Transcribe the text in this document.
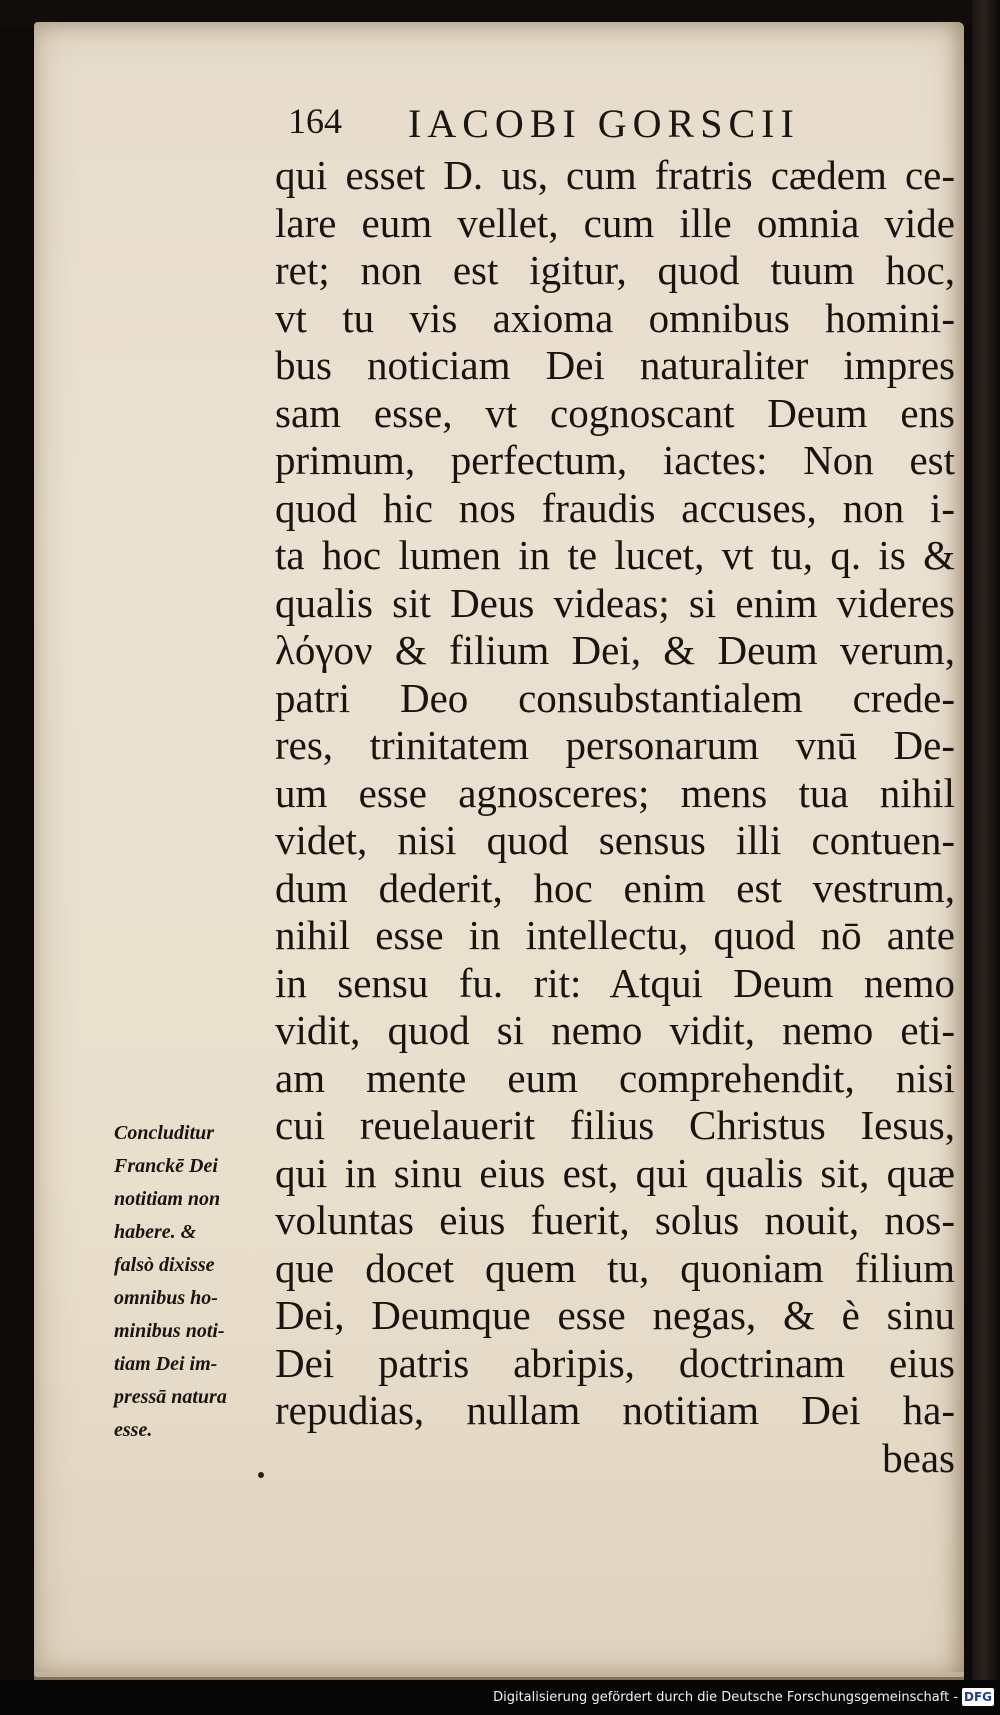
164 IACOBI GORSCII
qui esset D. us, cum fratris cædem ce-
lare eum vellet, cum ille omnia vide
ret; non est igitur, quod tuum hoc,
vt tu vis axioma omnibus homini-
bus noticiam Dei naturaliter impres
sam esse, vt cognoscant Deum ens
primum, perfectum, iactes: Non est
quod hic nos fraudis accuses, non i-
ta hoc lumen in te lucet, vt tu, q. is &
qualis sit Deus videas; si enim videres
λόγον & filium Dei, & Deum verum,
patri Deo consubstantialem crede-
res, trinitatem personarum vnū De-
um esse agnosceres; mens tua nihil
videt, nisi quod sensus illi contuen-
dum dederit, hoc enim est vestrum,
nihil esse in intellectu, quod nō ante
in sensu fu. rit: Atqui Deum nemo
vidit, quod si nemo vidit, nemo eti-
am mente eum comprehendit, nisi
cui reuelauerit filius Christus Iesus,
qui in sinu eius est, qui qualis sit, quæ
voluntas eius fuerit, solus nouit, nos-
que docet quem tu, quoniam filium
Dei, Deumque esse negas, & è sinu
Dei patris abripis, doctrinam eius
repudias, nullam notitiam Dei ha-
beas
Concluditur
Franckē Dei
notitiam non
habere. &
falsò dixisse
omnibus ho-
minibus noti-
tiam Dei im-
pressā natura
esse.
Digitalisierung gefördert durch die Deutsche Forschungsgemeinschaft - DFG
